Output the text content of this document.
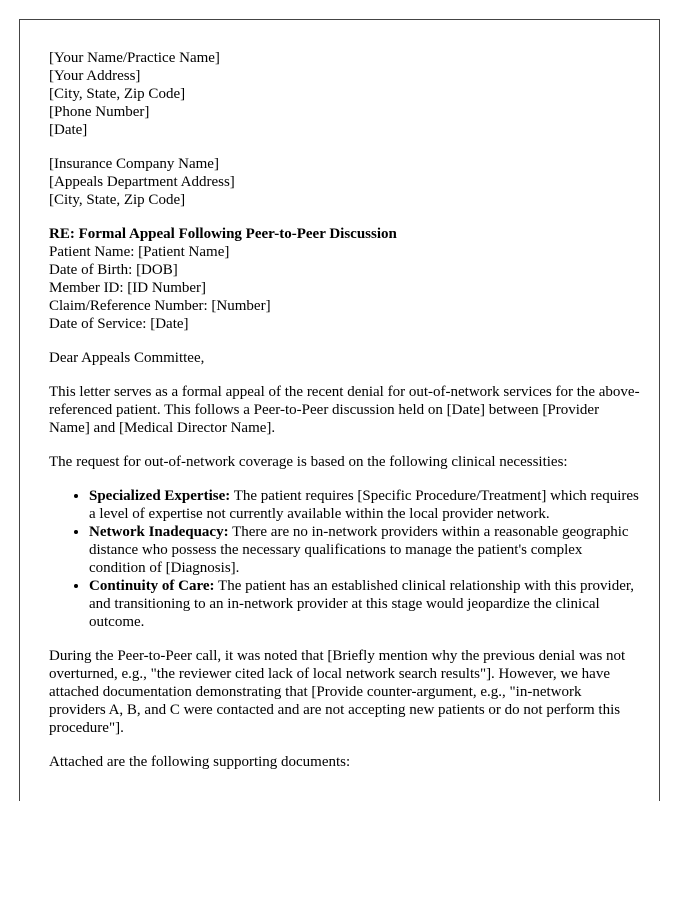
[Your Name/Practice Name]
[Your Address]
[City, State, Zip Code]
[Phone Number]
[Date]
[Insurance Company Name]
[Appeals Department Address]
[City, State, Zip Code]
RE: Formal Appeal Following Peer-to-Peer Discussion
Patient Name: [Patient Name]
Date of Birth: [DOB]
Member ID: [ID Number]
Claim/Reference Number: [Number]
Date of Service: [Date]

Dear Appeals Committee,

This letter serves as a formal appeal of the recent denial for out-of-network services for the above-referenced patient. This follows a Peer-to-Peer discussion held on [Date] between [Provider Name] and [Medical Director Name].

The request for out-of-network coverage is based on the following clinical necessities:

• Specialized Expertise: The patient requires [Specific Procedure/Treatment] which requires a level of expertise not currently available within the local provider network.
• Network Inadequacy: There are no in-network providers within a reasonable geographic distance who possess the necessary qualifications to manage the patient's complex condition of [Diagnosis].
• Continuity of Care: The patient has an established clinical relationship with this provider, and transitioning to an in-network provider at this stage would jeopardize the clinical outcome.

During the Peer-to-Peer call, it was noted that [Briefly mention why the previous denial was not overturned, e.g., "the reviewer cited lack of local network search results"]. However, we have attached documentation demonstrating that [Provide counter-argument, e.g., "in-network providers A, B, and C were contacted and are not accepting new patients or do not perform this procedure"].

Attached are the following supporting documents:
